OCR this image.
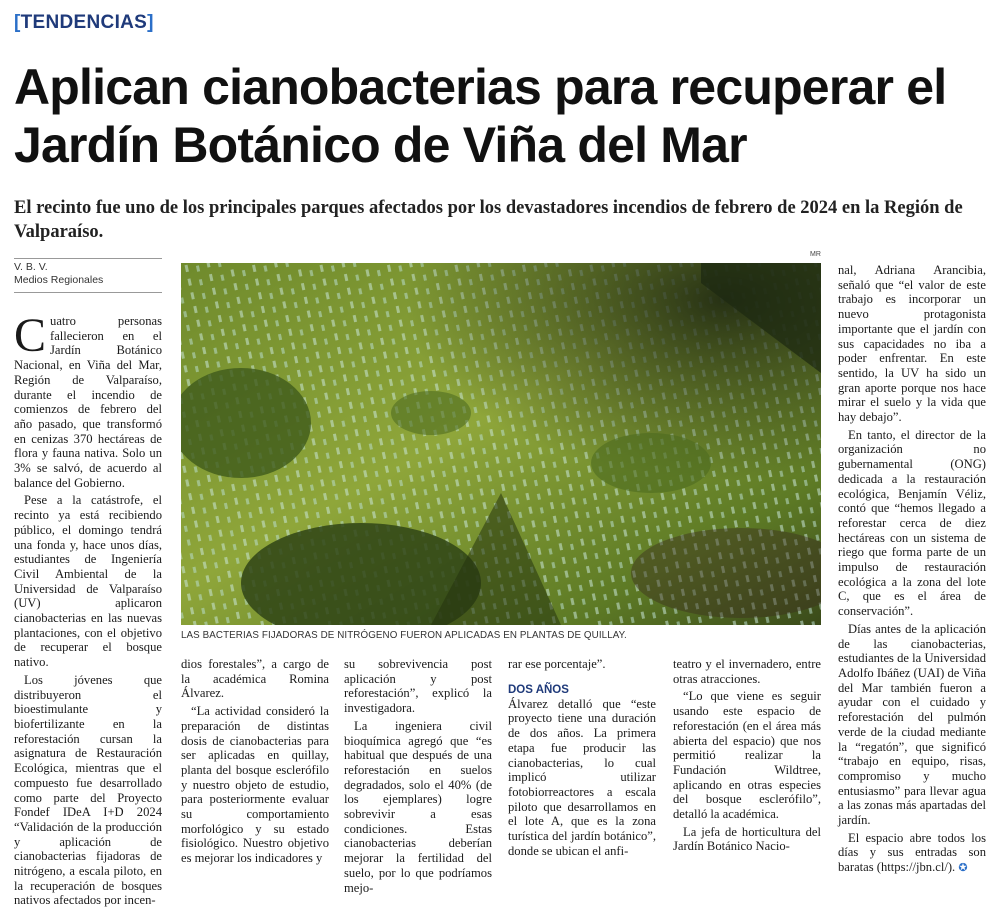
[TENDENCIAS]
Aplican cianobacterias para recuperar el Jardín Botánico de Viña del Mar

El recinto fue uno de los principales parques afectados por los devastadores incendios de febrero de 2024 en la Región de Valparaíso.

V. B. V.
Medios Regionales
MR
LAS BACTERIAS FIJADORAS DE NITRÓGENO FUERON APLICADAS EN PLANTAS DE QUILLAY.

Cuatro personas fallecieron en el Jardín Botánico Nacional, en Viña del Mar, Región de Valparaíso, durante el incendio de comienzos de febrero del año pasado, que transformó en cenizas 370 hectáreas de flora y fauna nativa. Solo un 3% se salvó, de acuerdo al balance del Gobierno.

Pese a la catástrofe, el recinto ya está recibiendo público, el domingo tendrá una fonda y, hace unos días, estudiantes de Ingeniería Civil Ambiental de la Universidad de Valparaíso (UV) aplicaron cianobacterias en las nuevas plantaciones, con el objetivo de recuperar el bosque nativo.

Los jóvenes que distribuyeron el bioestimulante y biofertilizante en la reforestación cursan la asignatura de Restauración Ecológica, mientras que el compuesto fue desarrollado como parte del Proyecto Fondef IDeA I+D 2024 “Validación de la producción y aplicación de cianobacterias fijadoras de nitrógeno, a escala piloto, en la recuperación de bosques nativos afectados por incen-

dios forestales”, a cargo de la académica Romina Álvarez.

“La actividad consideró la preparación de distintas dosis de cianobacterias para ser aplicadas en quillay, planta del bosque esclerófilo y nuestro objeto de estudio, para posteriormente evaluar su comportamiento morfológico y su estado fisiológico. Nuestro objetivo es mejorar los indicadores y

su sobrevivencia post aplicación y post reforestación”, explicó la investigadora.

La ingeniera civil bioquímica agregó que “es habitual que después de una reforestación en suelos degradados, solo el 40% (de los ejemplares) logre sobrevivir a esas condiciones. Estas cianobacterias deberían mejorar la fertilidad del suelo, por lo que podríamos mejo-

rar ese porcentaje”.

DOS AÑOS

Álvarez detalló que “este proyecto tiene una duración de dos años. La primera etapa fue producir las cianobacterias, lo cual implicó utilizar fotobiorreactores a escala piloto que desarrollamos en el lote A, que es la zona turística del jardín botánico”, donde se ubican el anfi-

teatro y el invernadero, entre otras atracciones.

“Lo que viene es seguir usando este espacio de reforestación (en el área más abierta del espacio) que nos permitió realizar la Fundación Wildtree, aplicando en otras especies del bosque esclerófilo”, detalló la académica.

La jefa de horticultura del Jardín Botánico Nacio-

nal, Adriana Arancibia, señaló que “el valor de este trabajo es incorporar un nuevo protagonista importante que el jardín con sus capacidades no iba a poder enfrentar. En este sentido, la UV ha sido un gran aporte porque nos hace mirar el suelo y la vida que hay debajo”.

En tanto, el director de la organización no gubernamental (ONG) dedicada a la restauración ecológica, Benjamín Véliz, contó que “hemos llegado a reforestar cerca de diez hectáreas con un sistema de riego que forma parte de un impulso de restauración ecológica a la zona del lote C, que es el área de conservación”.

Días antes de la aplicación de las cianobacterias, estudiantes de la Universidad Adolfo Ibáñez (UAI) de Viña del Mar también fueron a ayudar con el cuidado y reforestación del pulmón verde de la ciudad mediante la “regatón”, que significó “trabajo en equipo, risas, compromiso y mucho entusiasmo” para llevar agua a las zonas más apartadas del jardín.

El espacio abre todos los días y sus entradas son baratas (https://jbn.cl/). ✪
